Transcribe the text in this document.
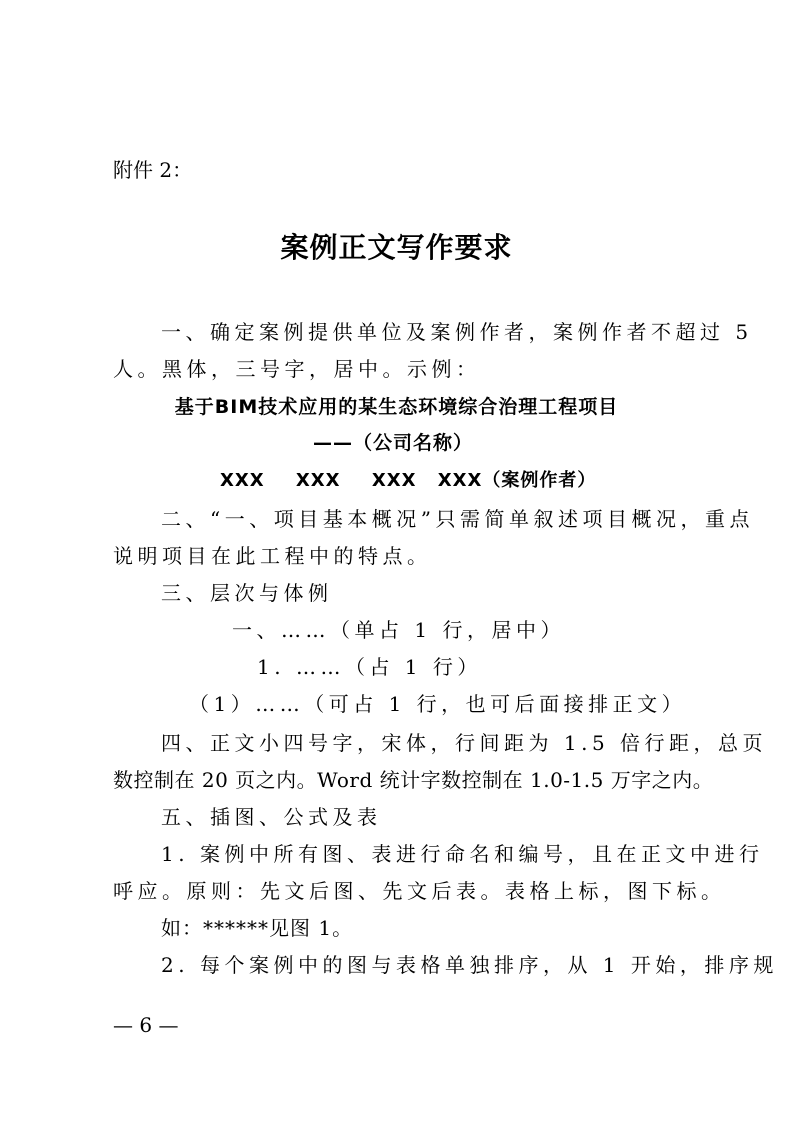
附件 2：
案例正文写作要求
一、确定案例提供单位及案例作者，案例作者不超过 5
人。黑体，三号字，居中。示例：
基于BIM技术应用的某生态环境综合治理工程项目
——（公司名称）
XXX XXX XXX XXX（案例作者）
二、“一、项目基本概况”只需简单叙述项目概况，重点
说明项目在此工程中的特点。
三、层次与体例
一、……（单占 1 行，居中）
1. ……（占 1 行）
（1）……（可占 1 行，也可后面接排正文）
四、正文小四号字，宋体，行间距为 1.5 倍行距，总页
数控制在 20 页之内。Word 统计字数控制在 1.0-1.5 万字之内。
五、插图、公式及表
1. 案例中所有图、表进行命名和编号，且在正文中进行
呼应。原则：先文后图、先文后表。表格上标，图下标。
如：******见图 1。
2. 每个案例中的图与表格单独排序，从 1 开始，排序规
— 6 —
